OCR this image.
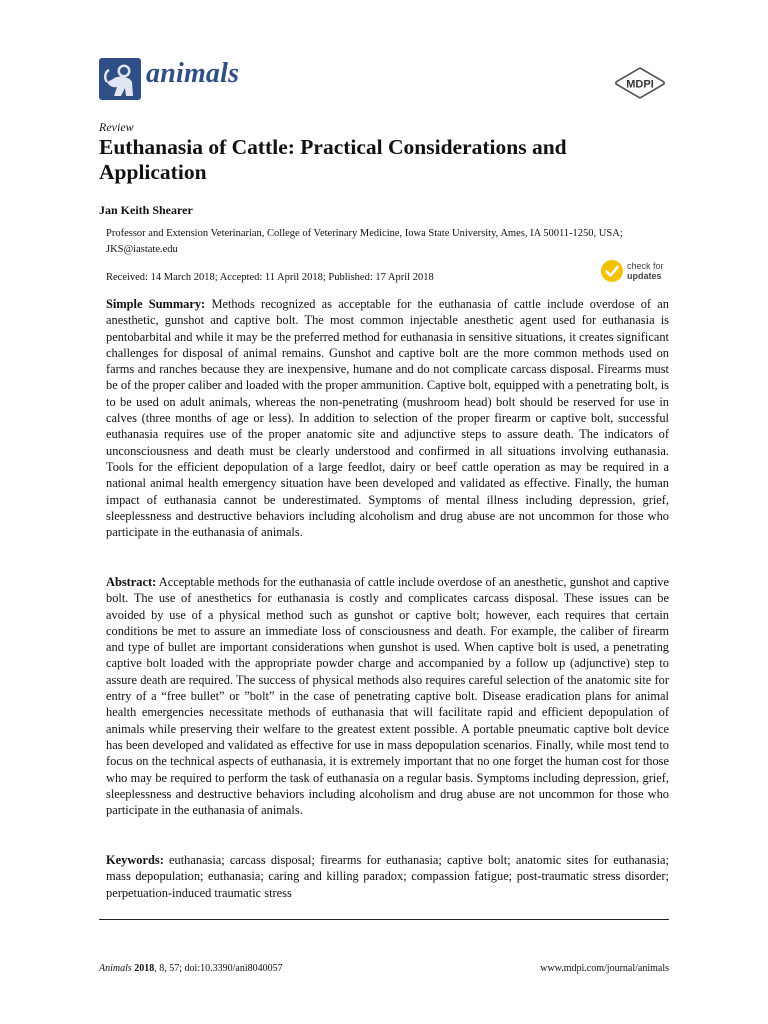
animals	MDPI
Review
Euthanasia of Cattle: Practical Considerations and Application
Jan Keith Shearer
Professor and Extension Veterinarian, College of Veterinary Medicine, Iowa State University, Ames, IA 50011-1250, USA; JKS@iastate.edu
Received: 14 March 2018; Accepted: 11 April 2018; Published: 17 April 2018
check for
updates

Simple Summary: Methods recognized as acceptable for the euthanasia of cattle include overdose of an anesthetic, gunshot and captive bolt. The most common injectable anesthetic agent used for euthanasia is pentobarbital and while it may be the preferred method for euthanasia in sensitive situations, it creates significant challenges for disposal of animal remains. Gunshot and captive bolt are the more common methods used on farms and ranches because they are inexpensive, humane and do not complicate carcass disposal. Firearms must be of the proper caliber and loaded with the proper ammunition. Captive bolt, equipped with a penetrating bolt, is to be used on adult animals, whereas the non-penetrating (mushroom head) bolt should be reserved for use in calves (three months of age or less). In addition to selection of the proper firearm or captive bolt, successful euthanasia requires use of the proper anatomic site and adjunctive steps to assure death. The indicators of unconsciousness and death must be clearly understood and confirmed in all situations involving euthanasia. Tools for the efficient depopulation of a large feedlot, dairy or beef cattle operation as may be required in a national animal health emergency situation have been developed and validated as effective. Finally, the human impact of euthanasia cannot be underestimated. Symptoms of mental illness including depression, grief, sleeplessness and destructive behaviors including alcoholism and drug abuse are not uncommon for those who participate in the euthanasia of animals.

Abstract: Acceptable methods for the euthanasia of cattle include overdose of an anesthetic, gunshot and captive bolt. The use of anesthetics for euthanasia is costly and complicates carcass disposal. These issues can be avoided by use of a physical method such as gunshot or captive bolt; however, each requires that certain conditions be met to assure an immediate loss of consciousness and death. For example, the caliber of firearm and type of bullet are important considerations when gunshot is used. When captive bolt is used, a penetrating captive bolt loaded with the appropriate powder charge and accompanied by a follow up (adjunctive) step to assure death are required. The success of physical methods also requires careful selection of the anatomic site for entry of a “free bullet” or ”bolt” in the case of penetrating captive bolt. Disease eradication plans for animal health emergencies necessitate methods of euthanasia that will facilitate rapid and efficient depopulation of animals while preserving their welfare to the greatest extent possible. A portable pneumatic captive bolt device has been developed and validated as effective for use in mass depopulation scenarios. Finally, while most tend to focus on the technical aspects of euthanasia, it is extremely important that no one forget the human cost for those who may be required to perform the task of euthanasia on a regular basis. Symptoms including depression, grief, sleeplessness and destructive behaviors including alcoholism and drug abuse are not uncommon for those who participate in the euthanasia of animals.

Keywords: euthanasia; carcass disposal; firearms for euthanasia; captive bolt; anatomic sites for euthanasia; mass depopulation; euthanasia; caring and killing paradox; compassion fatigue; post-traumatic stress disorder; perpetuation-induced traumatic stress

Animals 2018, 8, 57; doi:10.3390/ani8040057	www.mdpi.com/journal/animals
